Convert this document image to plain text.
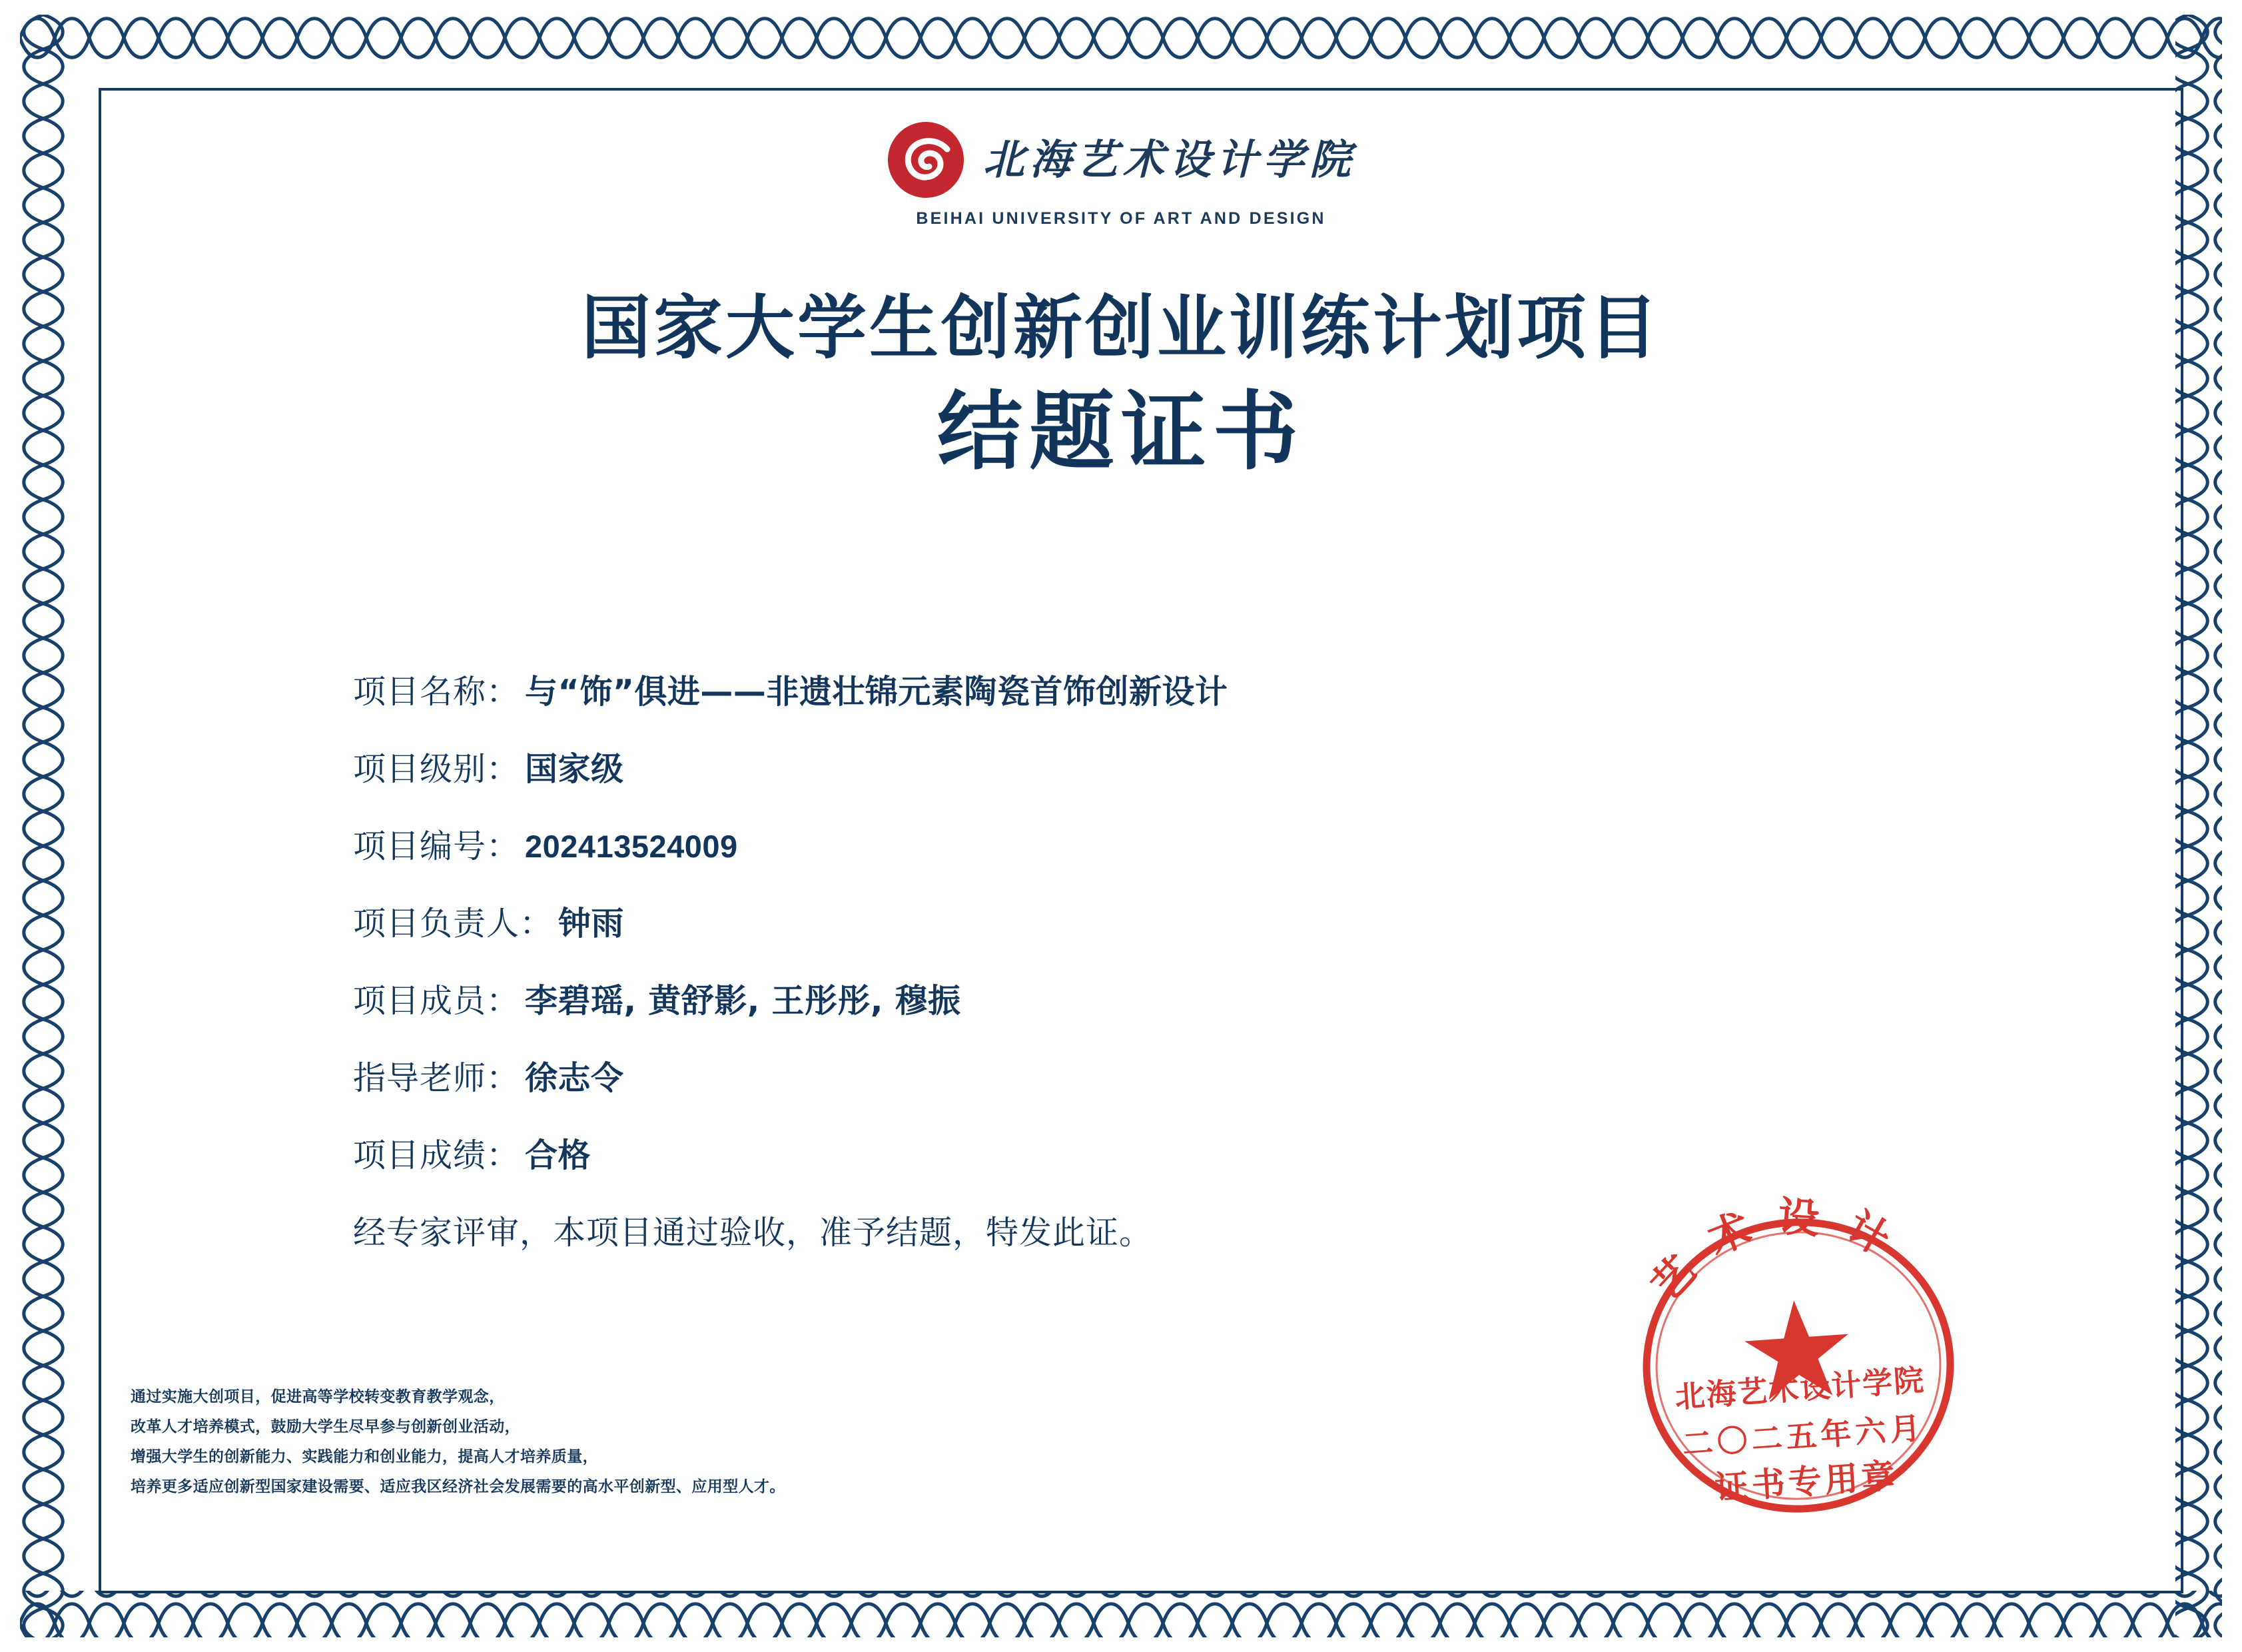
北海艺术设计学院
BEIHAI UNIVERSITY OF ART AND DESIGN
国家大学生创新创业训练计划项目
结题证书
项目名称： 与“饰”俱进——非遗壮锦元素陶瓷首饰创新设计
项目级别： 国家级
项目编号： 202413524009
项目负责人： 钟雨
项目成员： 李碧瑶, 黄舒影, 王彤彤, 穆振
指导老师： 徐志令
项目成绩： 合格
经专家评审，本项目通过验收，准予结题，特发此证。
通过实施大创项目，促进高等学校转变教育教学观念，
改革人才培养模式，鼓励大学生尽早参与创新创业活动，
增强大学生的创新能力、实践能力和创业能力，提高人才培养质量，
培养更多适应创新型国家建设需要、适应我区经济社会发展需要的高水平创新型、应用型人才。
艺术设计
北海艺术设计学院
二〇二五年六月
证书专用章
